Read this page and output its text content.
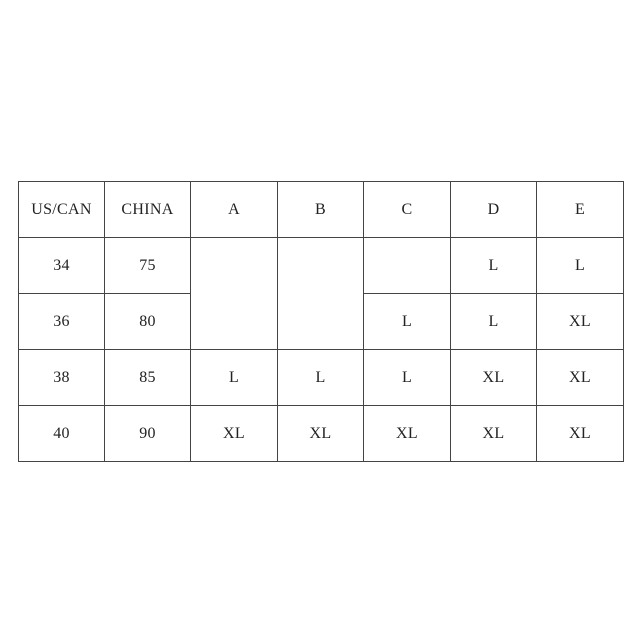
US/CAN	CHINA	A	B	C	D	E
34	75				L	L
36	80			L	L	XL
38	85	L	L	L	XL	XL
40	90	XL	XL	XL	XL	XL
